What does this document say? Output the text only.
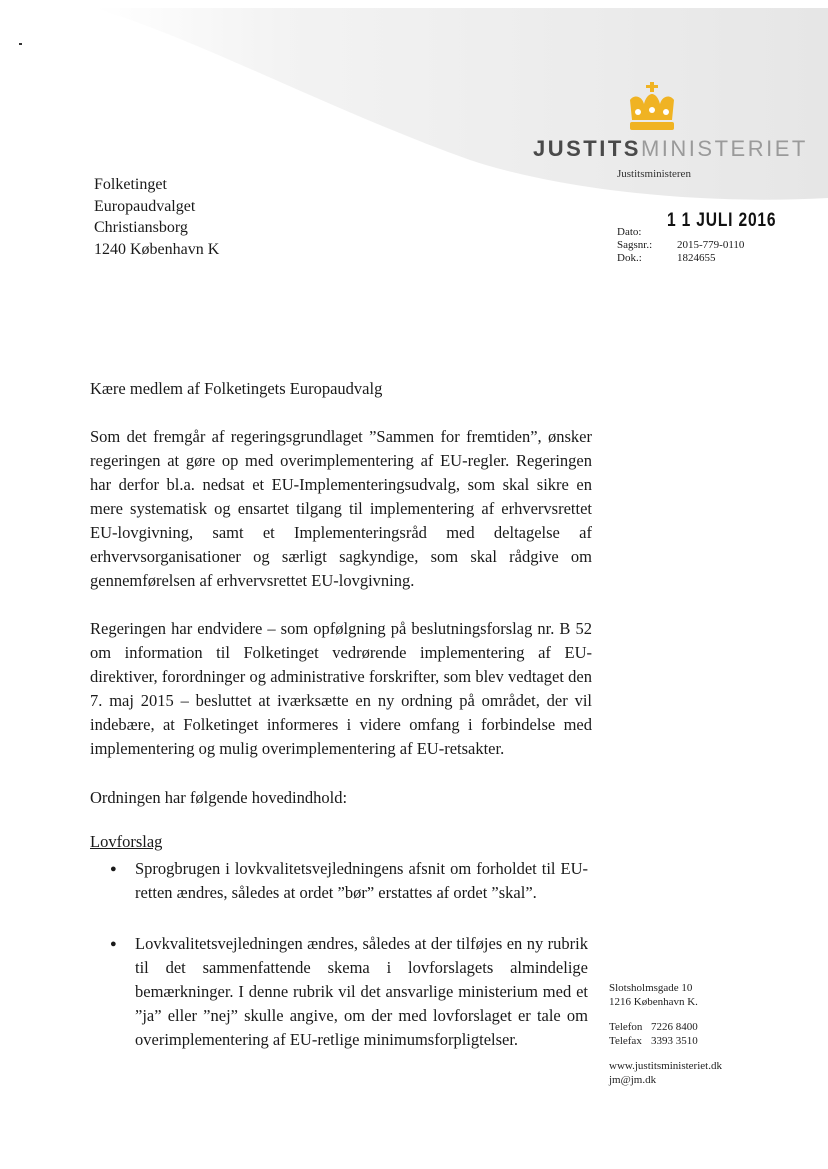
JUSTITSMINISTERIET
Justitsministeren
Folketinget
Europaudvalget
Christiansborg
1240 København K
1 1 JULI 2016
Dato:
Sagsnr.:	2015-779-0110
Dok.:	1824655
Kære medlem af Folketingets Europaudvalg
Som det fremgår af regeringsgrundlaget ”Sammen for fremtiden”, ønsker regeringen at gøre op med overimplementering af EU-regler. Regeringen har derfor bl.a. nedsat et EU-Implementeringsudvalg, som skal sikre en mere systematisk og ensartet tilgang til implementering af erhvervsrettet EU-lovgivning, samt et Implementeringsråd med deltagelse af erhvervsorganisationer og særligt sagkyndige, som skal rådgive om gennemførelsen af erhvervsrettet EU-lovgivning.
Regeringen har endvidere – som opfølgning på beslutningsforslag nr. B 52 om information til Folketinget vedrørende implementering af EU-direktiver, forordninger og administrative forskrifter, som blev vedtaget den 7. maj 2015 – besluttet at iværksætte en ny ordning på området, der vil indebære, at Folketinget informeres i videre omfang i forbindelse med implementering og mulig overimplementering af EU-retsakter.
Ordningen har følgende hovedindhold:
Lovforslag
● Sprogbrugen i lovkvalitetsvejledningens afsnit om forholdet til EU-retten ændres, således at ordet ”bør” erstattes af ordet ”skal”.
● Lovkvalitetsvejledningen ændres, således at der tilføjes en ny rubrik til det sammenfattende skema i lovforslagets almindelige bemærkninger. I denne rubrik vil det ansvarlige ministerium med et ”ja” eller ”nej” skulle angive, om der med lovforslaget er tale om overimplementering af EU-retlige minimumsforpligtelser.
Slotsholmsgade 10
1216 København K.
Telefon 7226 8400
Telefax 3393 3510
www.justitsministeriet.dk
jm@jm.dk
